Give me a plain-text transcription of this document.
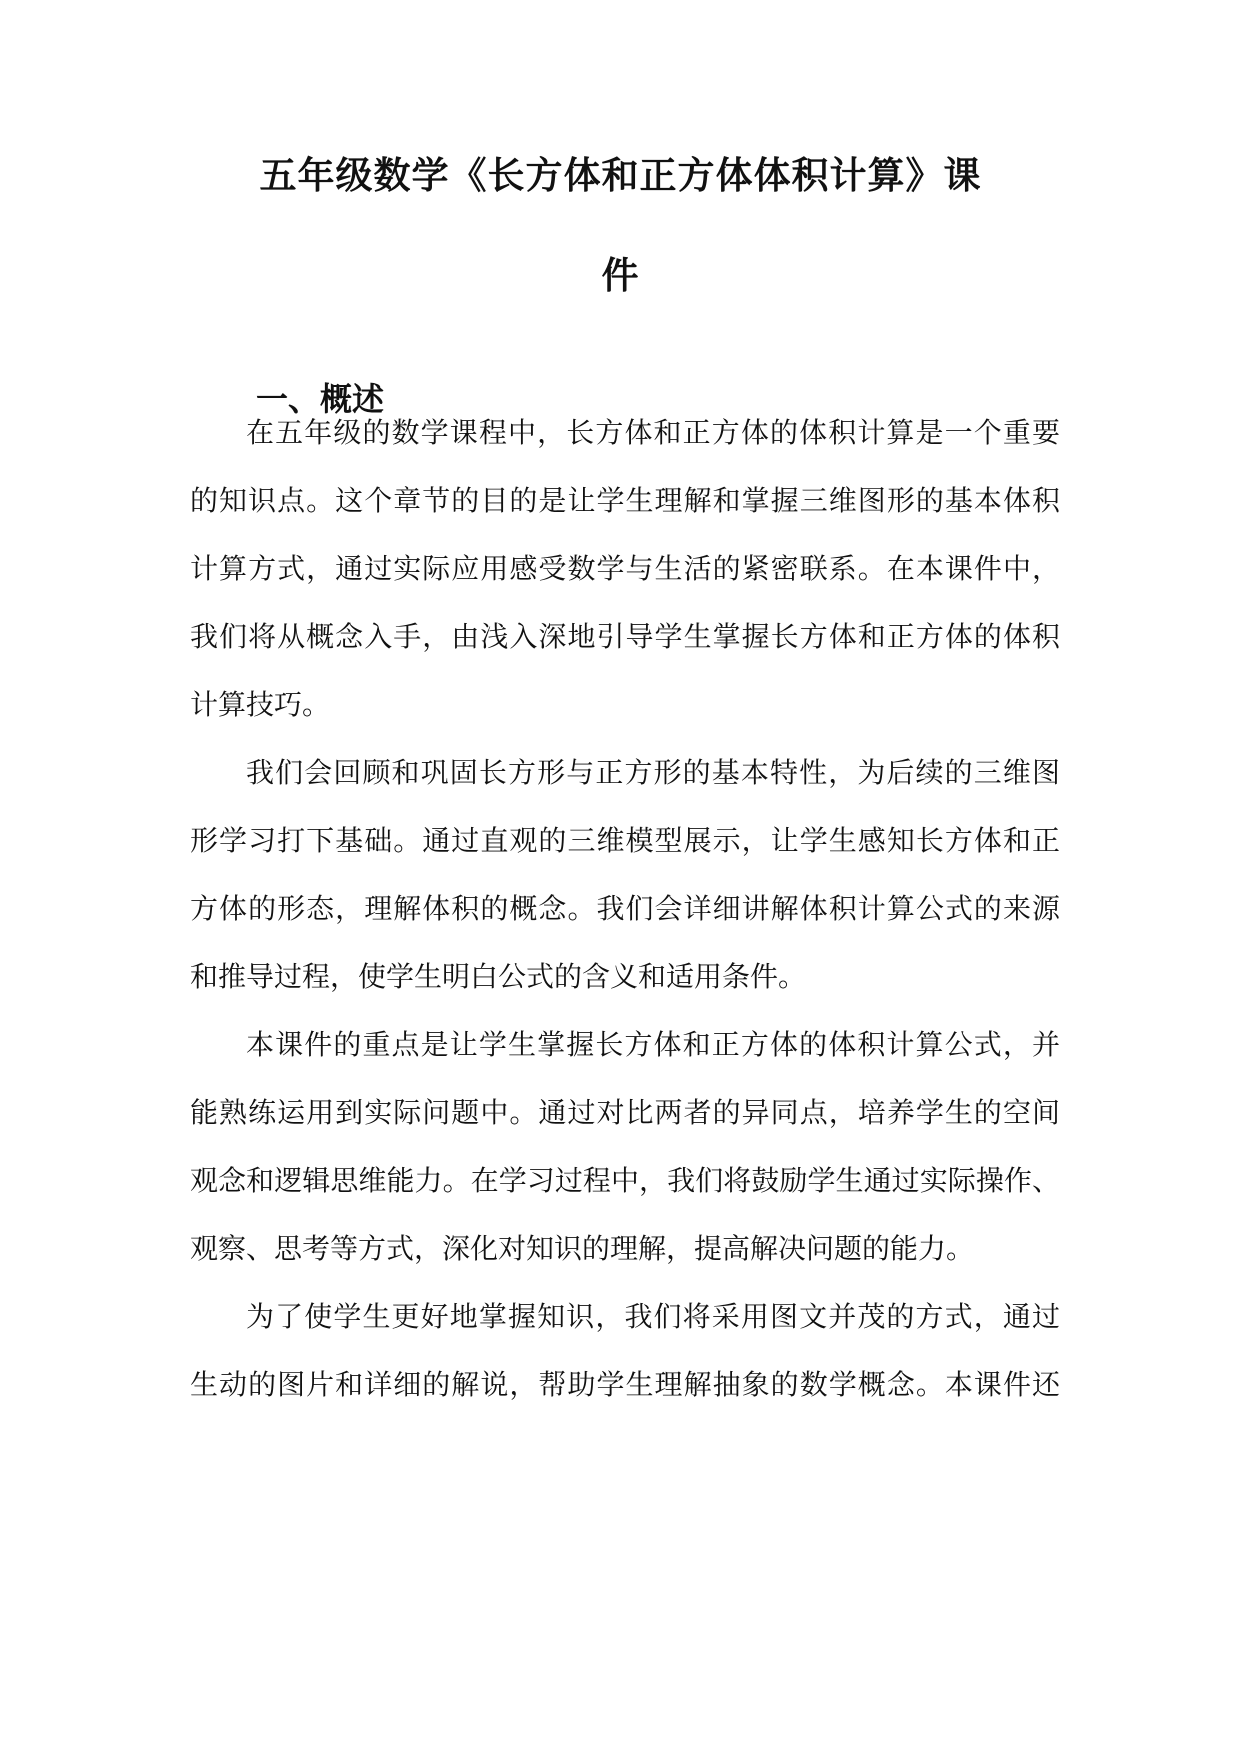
五年级数学《长方体和正方体体积计算》课
件
一、概述
在五年级的数学课程中，长方体和正方体的体积计算是一个重要
的知识点。这个章节的目的是让学生理解和掌握三维图形的基本体积
计算方式，通过实际应用感受数学与生活的紧密联系。在本课件中，
我们将从概念入手，由浅入深地引导学生掌握长方体和正方体的体积
计算技巧。
我们会回顾和巩固长方形与正方形的基本特性，为后续的三维图
形学习打下基础。通过直观的三维模型展示，让学生感知长方体和正
方体的形态，理解体积的概念。我们会详细讲解体积计算公式的来源
和推导过程，使学生明白公式的含义和适用条件。
本课件的重点是让学生掌握长方体和正方体的体积计算公式，并
能熟练运用到实际问题中。通过对比两者的异同点，培养学生的空间
观念和逻辑思维能力。在学习过程中，我们将鼓励学生通过实际操作、
观察、思考等方式，深化对知识的理解，提高解决问题的能力。
为了使学生更好地掌握知识，我们将采用图文并茂的方式，通过
生动的图片和详细的解说，帮助学生理解抽象的数学概念。本课件还
